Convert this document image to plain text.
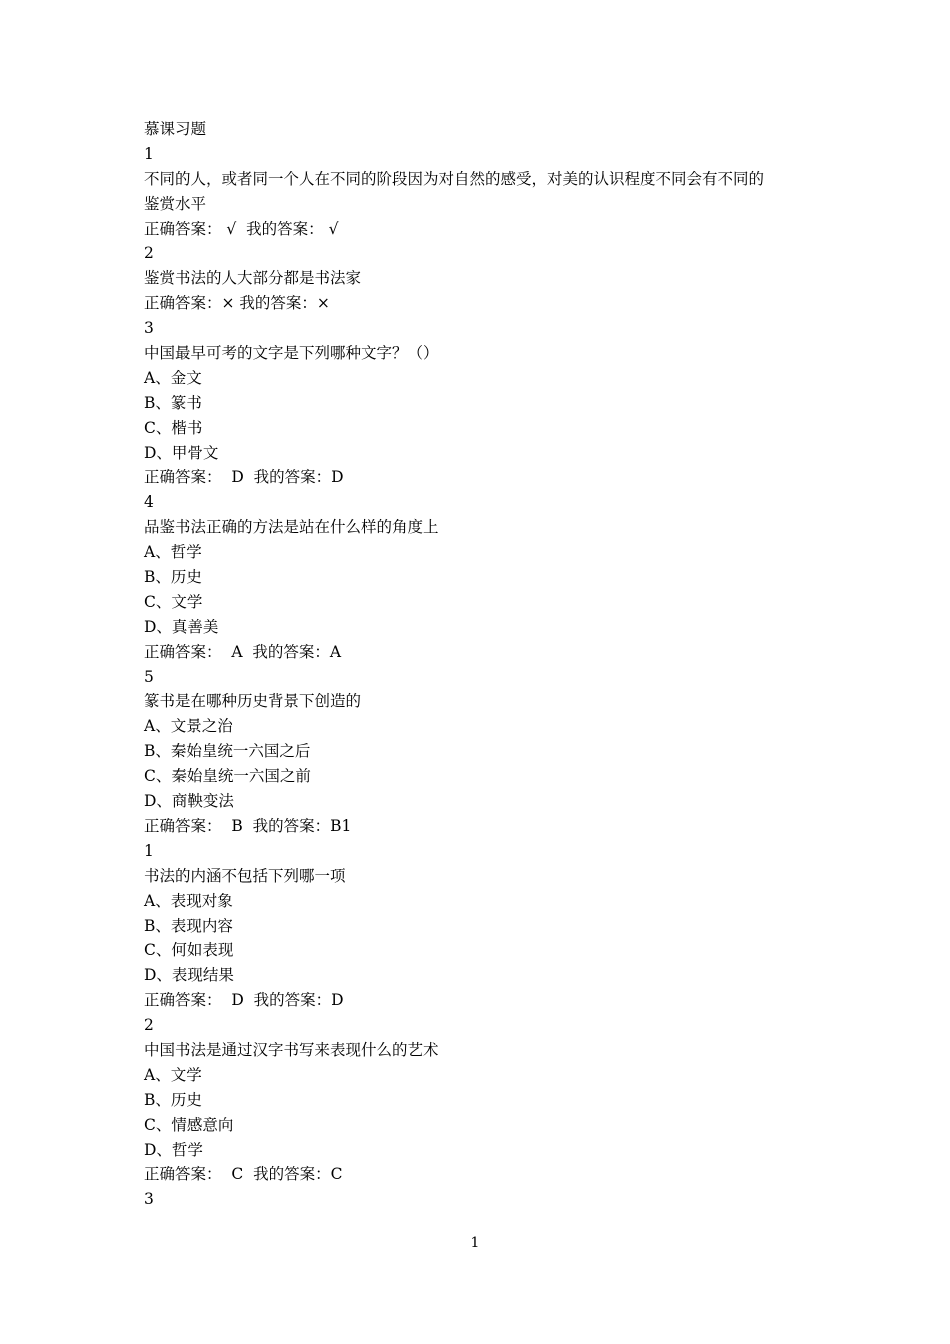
慕课习题
1
不同的人，或者同一个人在不同的阶段因为对自然的感受，对美的认识程度不同会有不同的
鉴赏水平
正确答案： √  我的答案： √
2
鉴赏书法的人大部分都是书法家
正确答案：× 我的答案：×
3
中国最早可考的文字是下列哪种文字？（）
A、金文
B、篆书
C、楷书
D、甲骨文
正确答案：  D  我的答案：D
4
品鉴书法正确的方法是站在什么样的角度上
A、哲学
B、历史
C、文学
D、真善美
正确答案：  A  我的答案：A
5
篆书是在哪种历史背景下创造的
A、文景之治
B、秦始皇统一六国之后
C、秦始皇统一六国之前
D、商鞅变法
正确答案：  B  我的答案：B1
1
书法的内涵不包括下列哪一项
A、表现对象
B、表现内容
C、何如表现
D、表现结果
正确答案：  D  我的答案：D
2
中国书法是通过汉字书写来表现什么的艺术
A、文学
B、历史
C、情感意向
D、哲学
正确答案：  C  我的答案：C
3
1
